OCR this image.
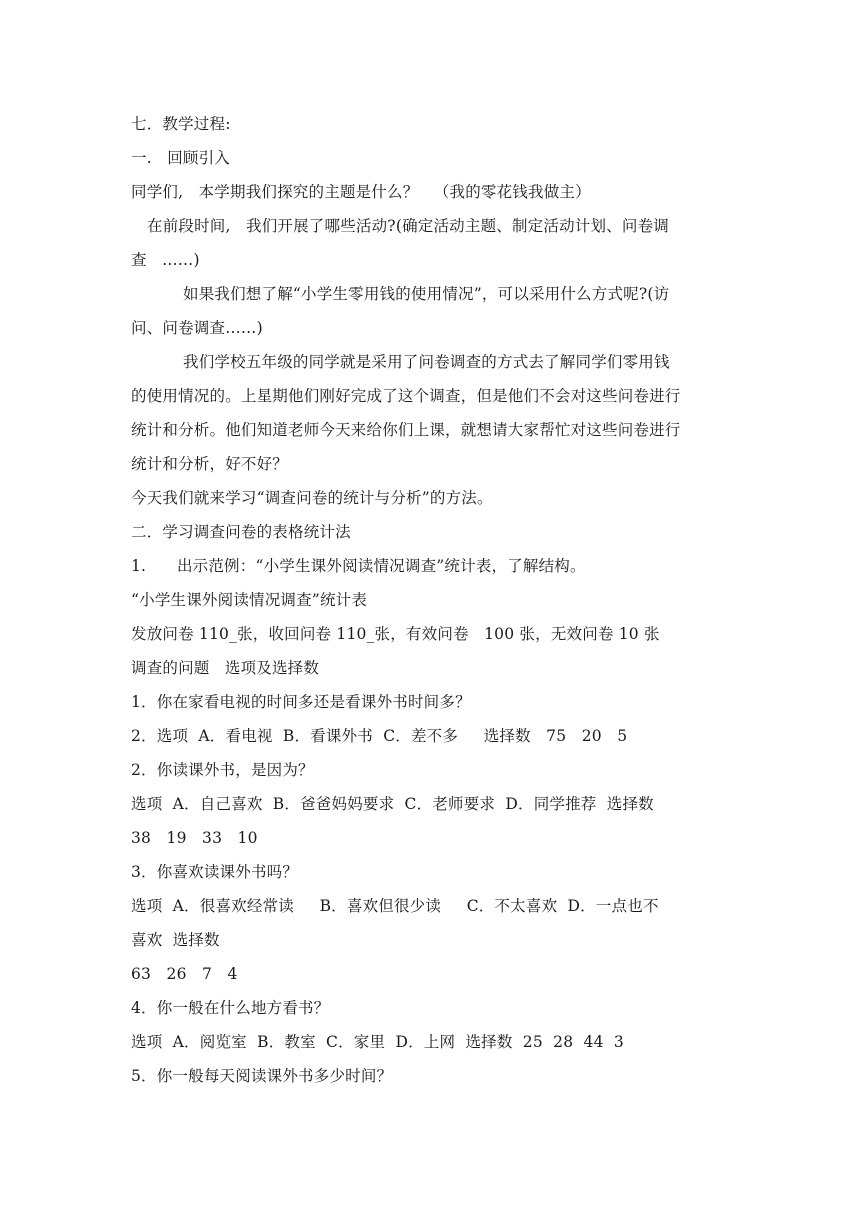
七．教学过程:
一.   回顾引入
同学们,   本学期我们探究的主题是什么？   （我的零花钱我做主）
在前段时间,   我们开展了哪些活动?(确定活动主题、制定活动计划、问卷调
查   ……)
如果我们想了解“小学生零用钱的使用情况”，可以采用什么方式呢?(访
问、问卷调查……)
我们学校五年级的同学就是采用了问卷调查的方式去了解同学们零用钱
的使用情况的。上星期他们刚好完成了这个调查，但是他们不会对这些问卷进行
统计和分析。他们知道老师今天来给你们上课，就想请大家帮忙对这些问卷进行
统计和分析，好不好？
今天我们就来学习“调查问卷的统计与分析”的方法。
二．学习调查问卷的表格统计法
1.      出示范例：“小学生课外阅读情况调查”统计表，了解结构。
“小学生课外阅读情况调查”统计表
发放问卷 110_张，收回问卷 110_张，有效问卷   100 张，无效问卷 10 张
调查的问题   选项及选择数
1．你在家看电视的时间多还是看课外书时间多？
2．选项  A．看电视  B．看课外书  C．差不多     选择数   75   20   5
2．你读课外书，是因为？
选项  A．自己喜欢  B．爸爸妈妈要求  C．老师要求  D．同学推荐  选择数
38   19   33   10
3．你喜欢读课外书吗？
选项  A．很喜欢经常读     B．喜欢但很少读     C．不太喜欢  D．一点也不
喜欢  选择数
63   26   7   4
4．你一般在什么地方看书？
选项  A．阅览室  B．教室  C．家里  D．上网  选择数  25  28  44  3
5．你一般每天阅读课外书多少时间？
